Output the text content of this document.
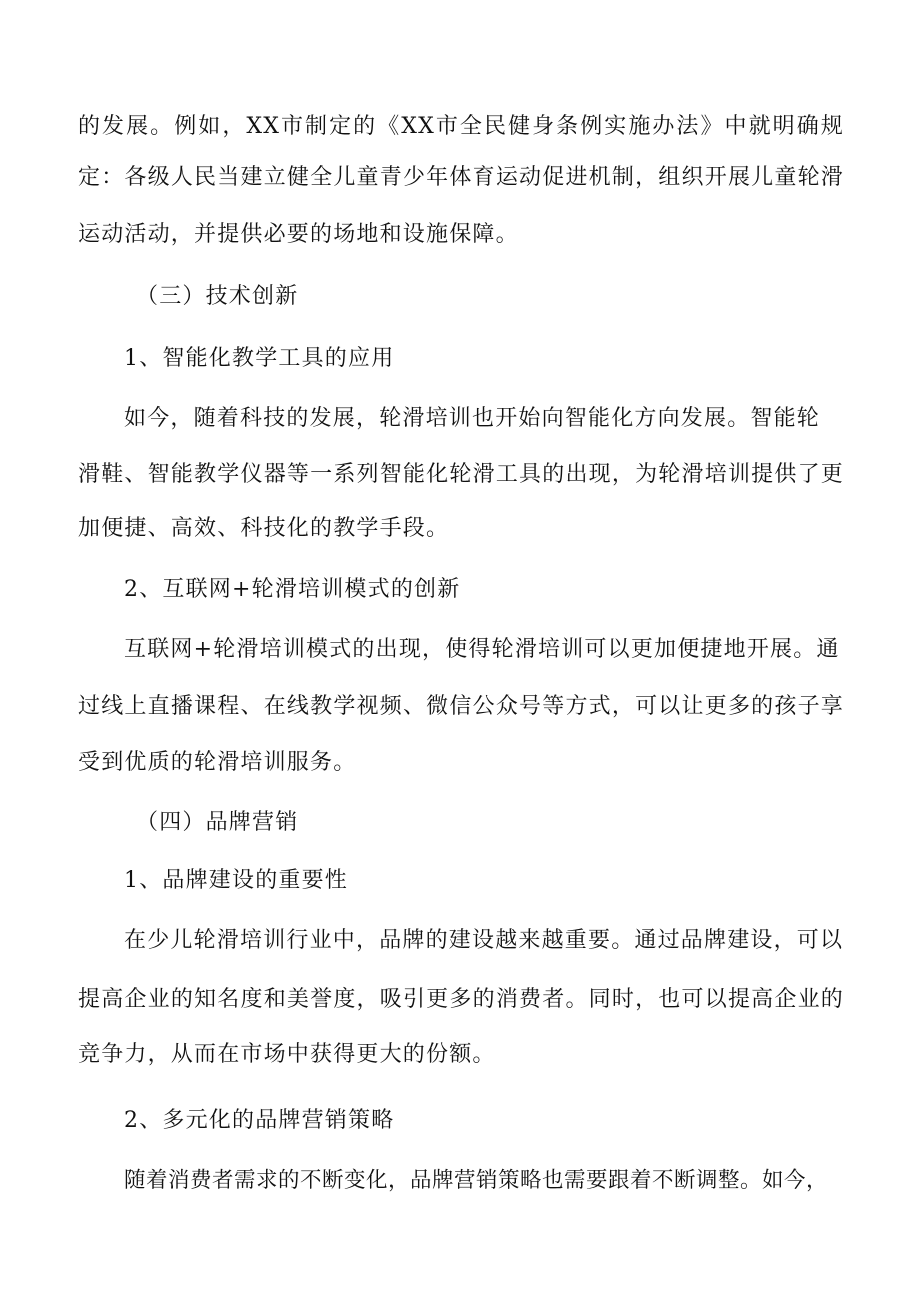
的发展。例如，XX市制定的《XX市全民健身条例实施办法》中就明确规
定：各级人民当建立健全儿童青少年体育运动促进机制，组织开展儿童轮滑
运动活动，并提供必要的场地和设施保障。
（三）技术创新
1、智能化教学工具的应用
如今，随着科技的发展，轮滑培训也开始向智能化方向发展。智能轮
滑鞋、智能教学仪器等一系列智能化轮滑工具的出现，为轮滑培训提供了更
加便捷、高效、科技化的教学手段。
2、互联网+轮滑培训模式的创新
互联网+轮滑培训模式的出现，使得轮滑培训可以更加便捷地开展。通
过线上直播课程、在线教学视频、微信公众号等方式，可以让更多的孩子享
受到优质的轮滑培训服务。
（四）品牌营销
1、品牌建设的重要性
在少儿轮滑培训行业中，品牌的建设越来越重要。通过品牌建设，可以
提高企业的知名度和美誉度，吸引更多的消费者。同时，也可以提高企业的
竞争力，从而在市场中获得更大的份额。
2、多元化的品牌营销策略
随着消费者需求的不断变化，品牌营销策略也需要跟着不断调整。如今，
